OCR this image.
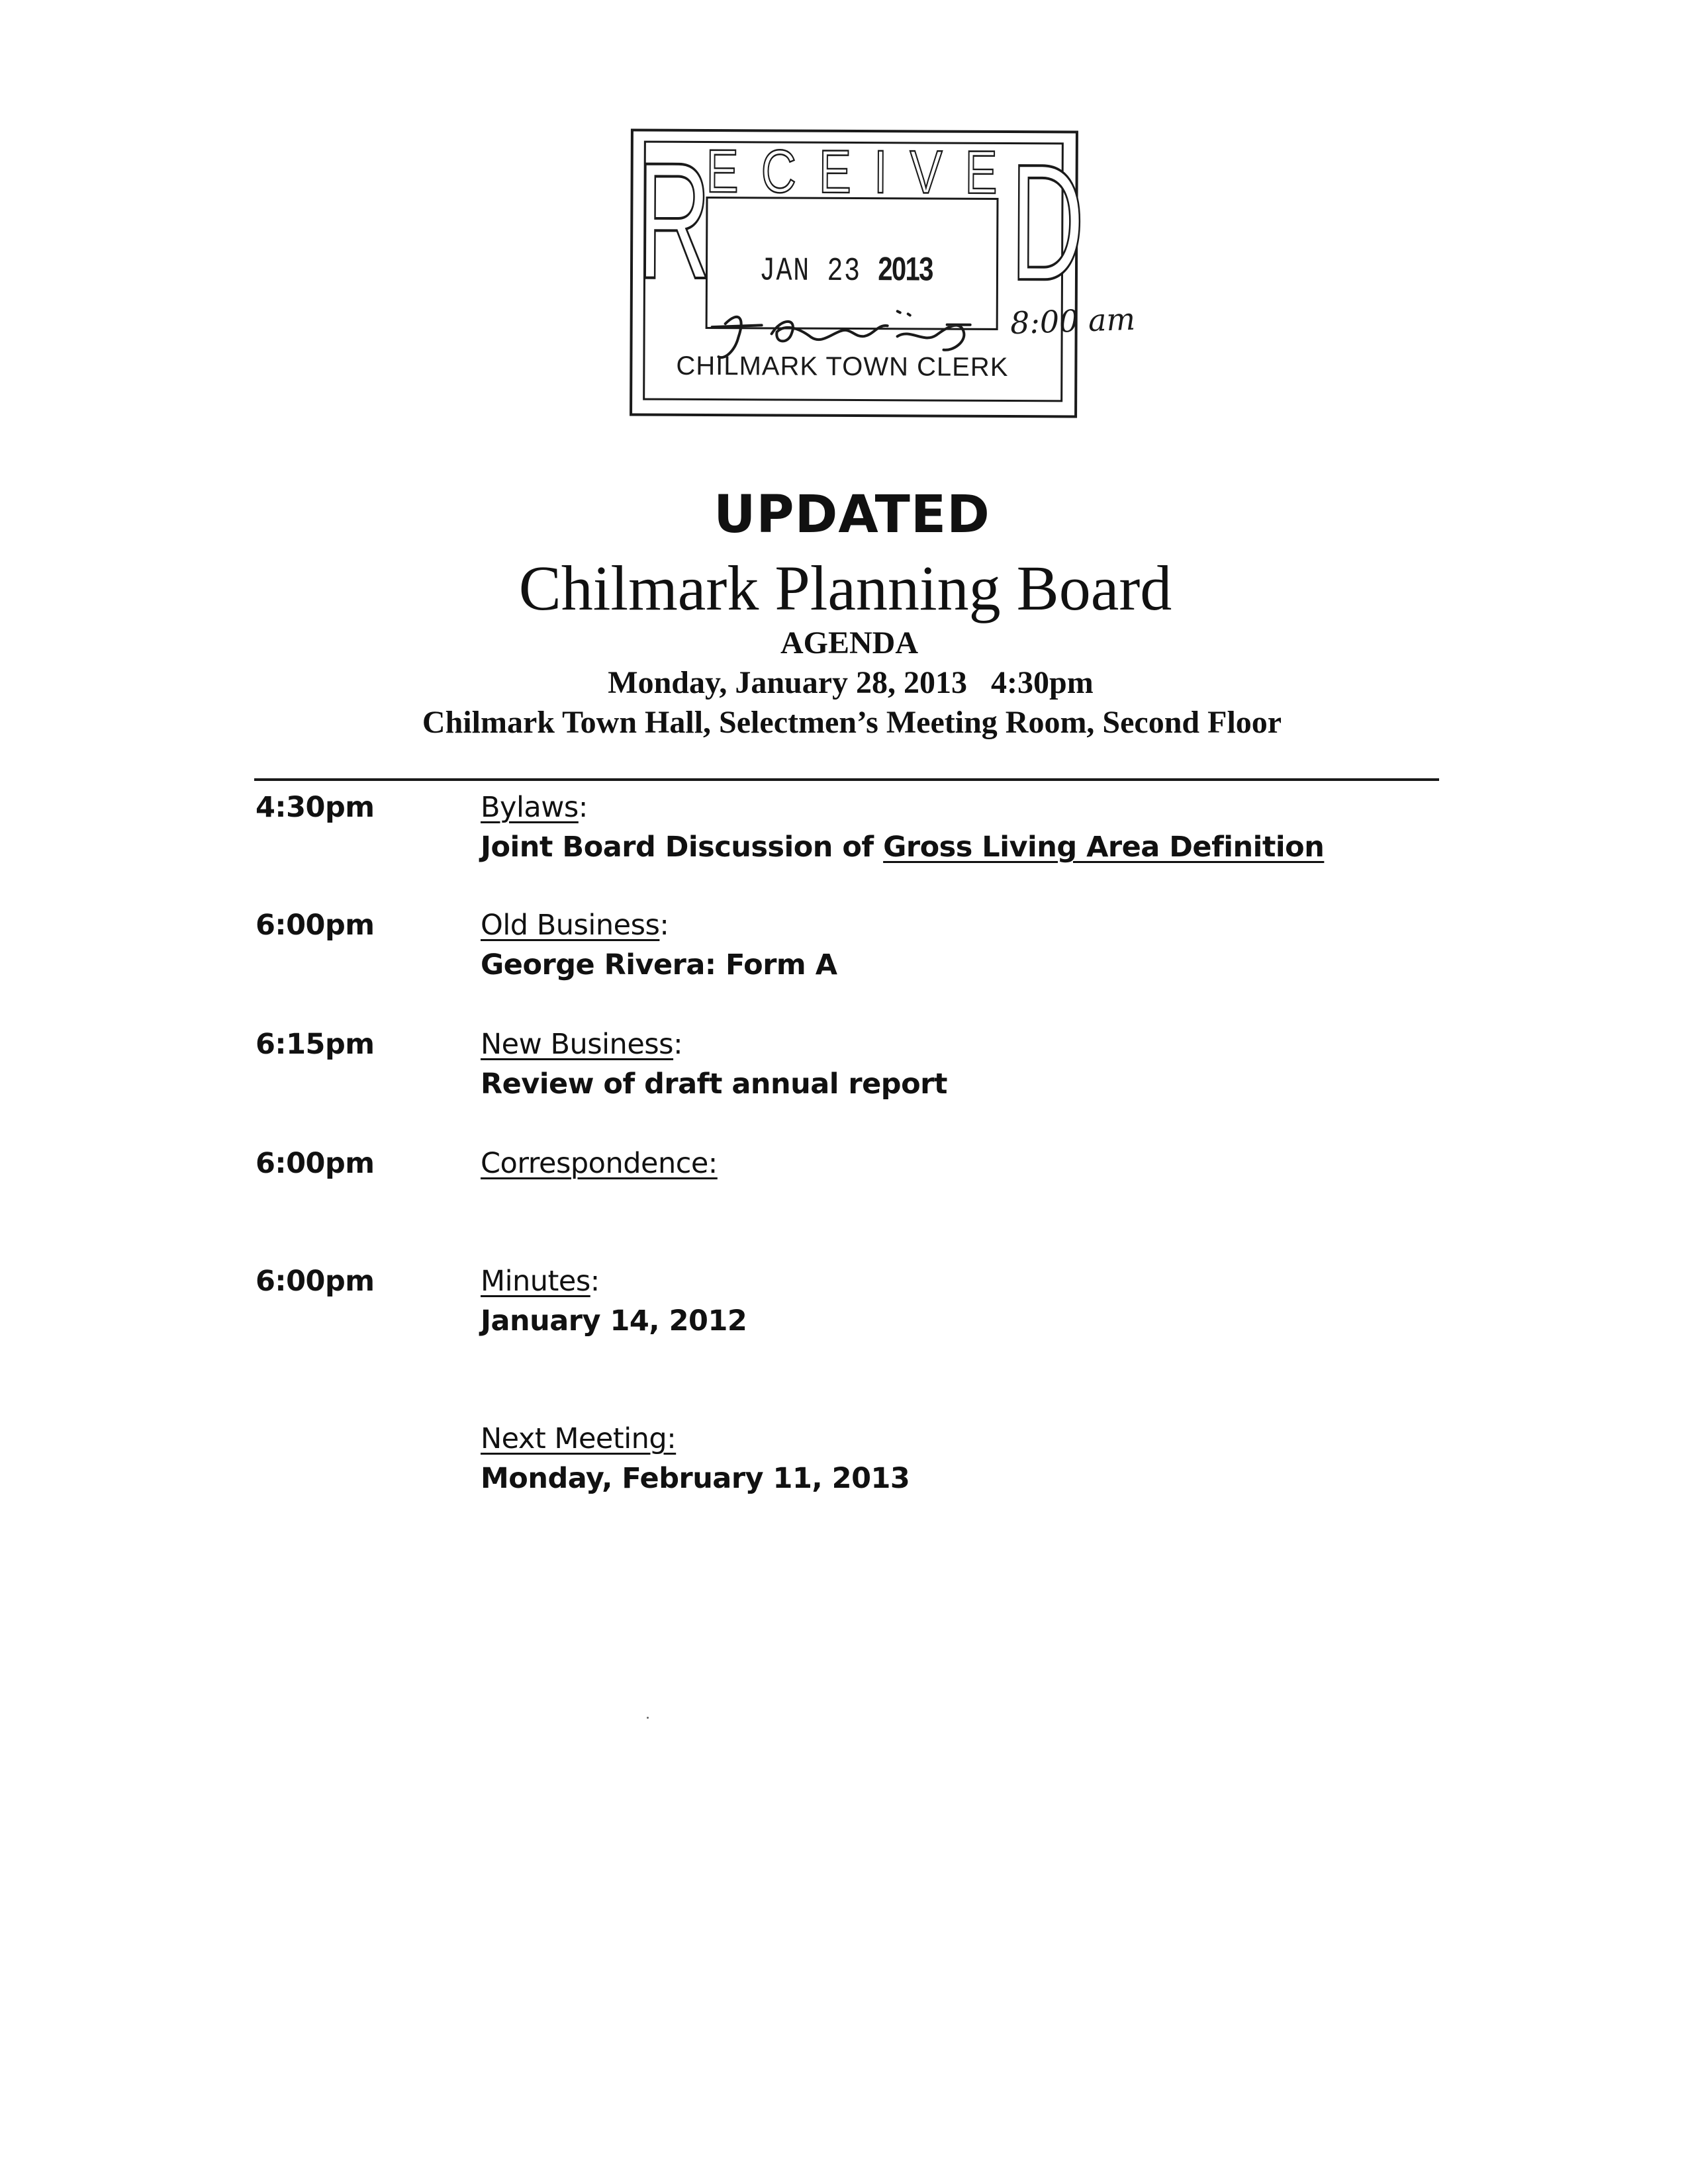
R
E C E I V E D
JAN 23 2013
CHILMARK TOWN CLERK
8:00 am
UPDATED
Chilmark Planning Board
AGENDA
Monday, January 28, 2013   4:30pm
Chilmark Town Hall, Selectmen’s Meeting Room, Second Floor
4:30pm	Bylaws:
Joint Board Discussion of Gross Living Area Definition
6:00pm	Old Business:
George Rivera: Form A
6:15pm	New Business:
Review of draft annual report
6:00pm	Correspondence:
6:00pm	Minutes:
January 14, 2012
Next Meeting:
Monday, February 11, 2013
